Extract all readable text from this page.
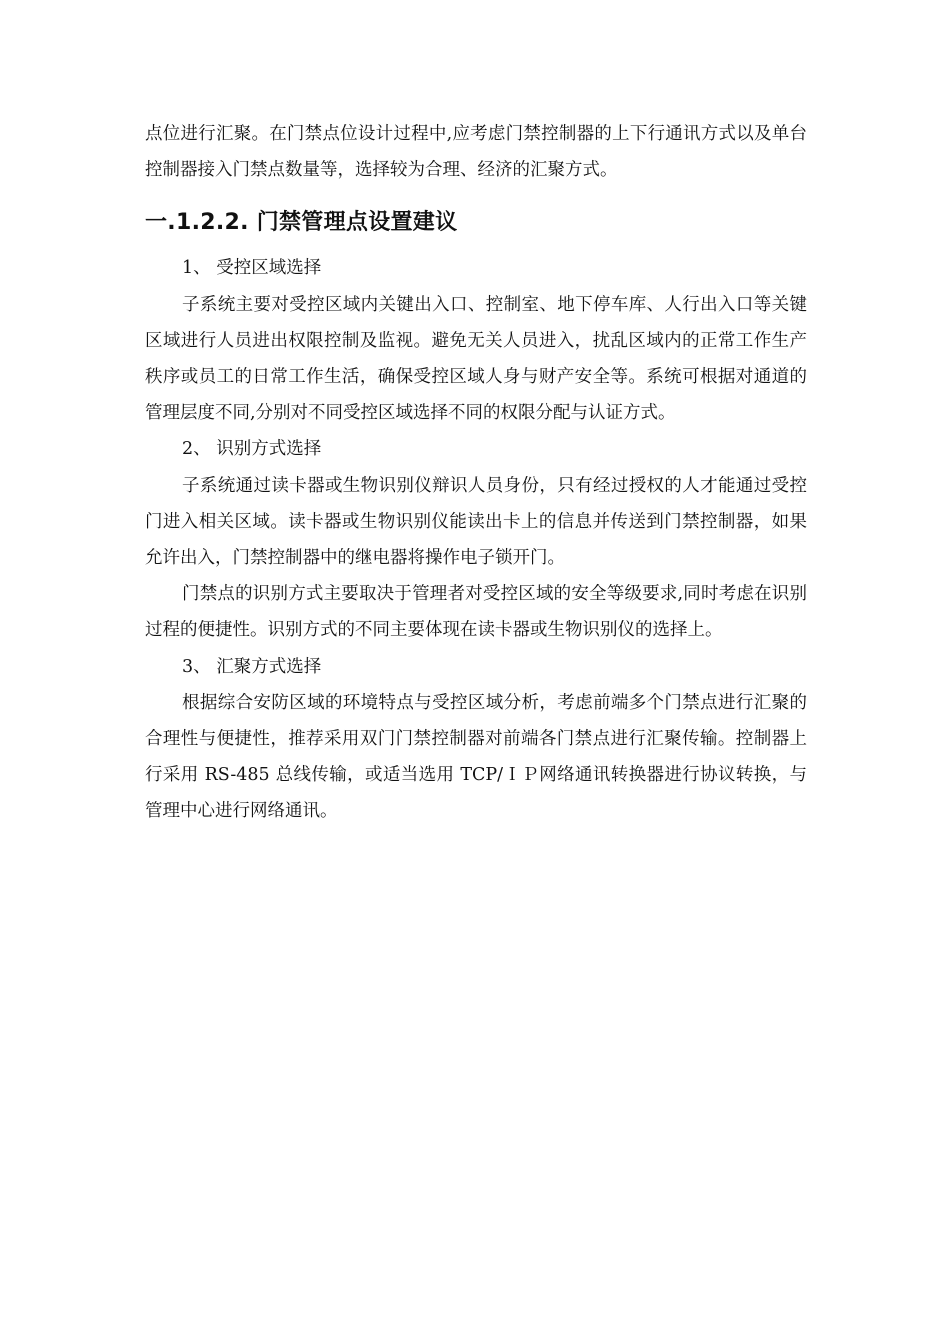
点位进行汇聚。在门禁点位设计过程中,应考虑门禁控制器的上下行通讯方式以及单台控制器接入门禁点数量等，选择较为合理、经济的汇聚方式。

一.1.2.2. 门禁管理点设置建议

1、 受控区域选择

子系统主要对受控区域内关键出入口、控制室、地下停车库、人行出入口等关键区域进行人员进出权限控制及监视。避免无关人员进入，扰乱区域内的正常工作生产秩序或员工的日常工作生活，确保受控区域人身与财产安全等。系统可根据对通道的管理层度不同,分别对不同受控区域选择不同的权限分配与认证方式。

2、 识别方式选择

子系统通过读卡器或生物识别仪辩识人员身份，只有经过授权的人才能通过受控门进入相关区域。读卡器或生物识别仪能读出卡上的信息并传送到门禁控制器，如果允许出入，门禁控制器中的继电器将操作电子锁开门。

门禁点的识别方式主要取决于管理者对受控区域的安全等级要求,同时考虑在识别过程的便捷性。识别方式的不同主要体现在读卡器或生物识别仪的选择上。

3、 汇聚方式选择

根据综合安防区域的环境特点与受控区域分析，考虑前端多个门禁点进行汇聚的合理性与便捷性，推荐采用双门门禁控制器对前端各门禁点进行汇聚传输。控制器上行采用 RS-485 总线传输，或适当选用 TCP/ＩＰ网络通讯转换器进行协议转换，与管理中心进行网络通讯。
